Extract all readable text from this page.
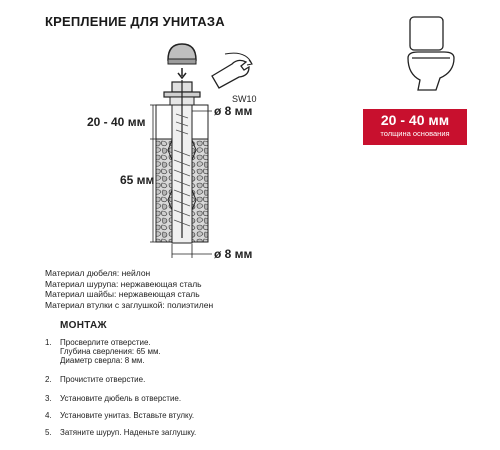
КРЕПЛЕНИЕ ДЛЯ УНИТАЗА
SW10
20 - 40 мм
65 мм
ø 8 мм
ø 8 мм
20 - 40 мм
толщина основания
Материал дюбеля: нейлон
Материал шурупа: нержавеющая сталь
Материал шайбы: нержавеющая сталь
Материал втулки с заглушкой: полиэтилен
МОНТАЖ
1. Просверлите отверстие.
Глубина сверления: 65 мм.
Диаметр сверла: 8 мм.
2. Прочистите отверстие.
3. Установите дюбель в отверстие.
4. Установите унитаз. Вставьте втулку.
5. Затяните шуруп. Наденьте заглушку.
